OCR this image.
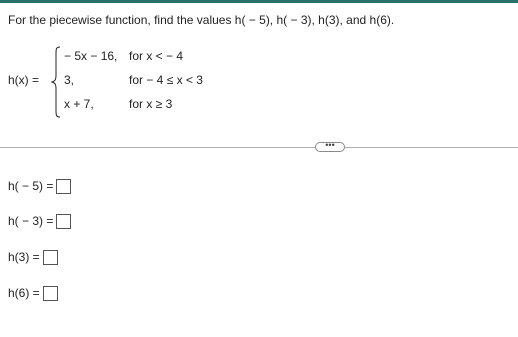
For the piecewise function, find the values h( − 5), h( − 3), h(3), and h(6).
h(x) =
− 5x − 16, for x < − 4
3,	for − 4 ≤ x < 3
x + 7,	for x ≥ 3
•••
h( − 5) =
h( − 3) =
h(3) =
h(6) =
